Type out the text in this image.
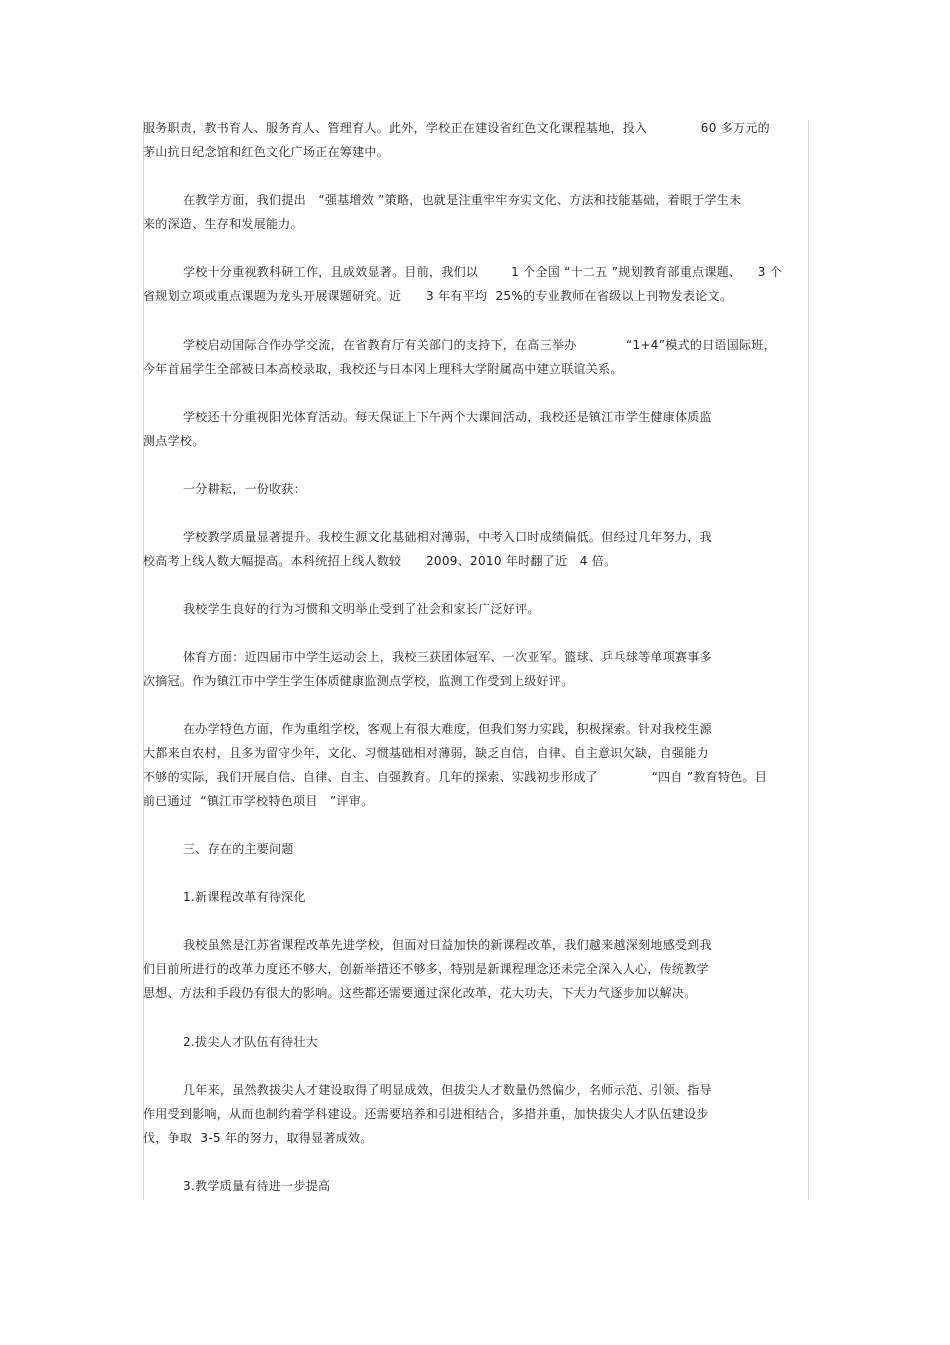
服务职责，教书育人、服务育人、管理育人。此外，学校正在建设省红色文化课程基地，投入             60 多万元的
茅山抗日纪念馆和红色文化广场正在筹建中。
在教学方面，我们提出   “强基增效 ”策略，也就是注重牢牢夯实文化、方法和技能基础，着眼于学生未
来的深造、生存和发展能力。
学校十分重视教科研工作，且成效显著。目前，我们以        1 个全国 “十二五 ”规划教育部重点课题、    3 个
省规划立项或重点课题为龙头开展课题研究。近      3 年有平均  25%的专业教师在省级以上刊物发表论文。
学校启动国际合作办学交流，在省教育厅有关部门的支持下，在高三举办            “1+4”模式的日语国际班，
今年首届学生全部被日本高校录取，我校还与日本冈上理科大学附属高中建立联谊关系。
学校还十分重视阳光体育活动。每天保证上下午两个大课间活动，我校还是镇江市学生健康体质监
测点学校。
一分耕耘，一份收获：
学校教学质量显著提升。我校生源文化基础相对薄弱，中考入口时成绩偏低。但经过几年努力，我
校高考上线人数大幅提高。本科统招上线人数较      2009、2010 年时翻了近   4 倍。
我校学生良好的行为习惯和文明举止受到了社会和家长广泛好评。
体育方面：近四届市中学生运动会上，我校三获团体冠军、一次亚军。篮球、乒乓球等单项赛事多
次摘冠。作为镇江市中学生学生体质健康监测点学校，监测工作受到上级好评。
在办学特色方面，作为重组学校，客观上有很大难度，但我们努力实践，积极探索。针对我校生源
大都来自农村，且多为留守少年，文化、习惯基础相对薄弱，缺乏自信，自律、自主意识欠缺，自强能力
不够的实际，我们开展自信、自律、自主、自强教育。几年的探索、实践初步形成了             “四自 ”教育特色。目
前已通过  “镇江市学校特色项目   ”评审。
三、存在的主要问题
1.新课程改革有待深化
我校虽然是江苏省课程改革先进学校，但面对日益加快的新课程改革，我们越来越深刻地感受到我
们目前所进行的改革力度还不够大，创新举措还不够多，特别是新课程理念还未完全深入人心，传统教学
思想、方法和手段仍有很大的影响。这些都还需要通过深化改革，花大功夫，下大力气逐步加以解决。
2.拔尖人才队伍有待壮大
几年来，虽然教拔尖人才建设取得了明显成效，但拔尖人才数量仍然偏少，名师示范、引领、指导
作用受到影响，从而也制约着学科建设。还需要培养和引进相结合，多措并重，加快拔尖人才队伍建设步
伐，争取  3-5 年的努力，取得显著成效。
3.教学质量有待进一步提高
